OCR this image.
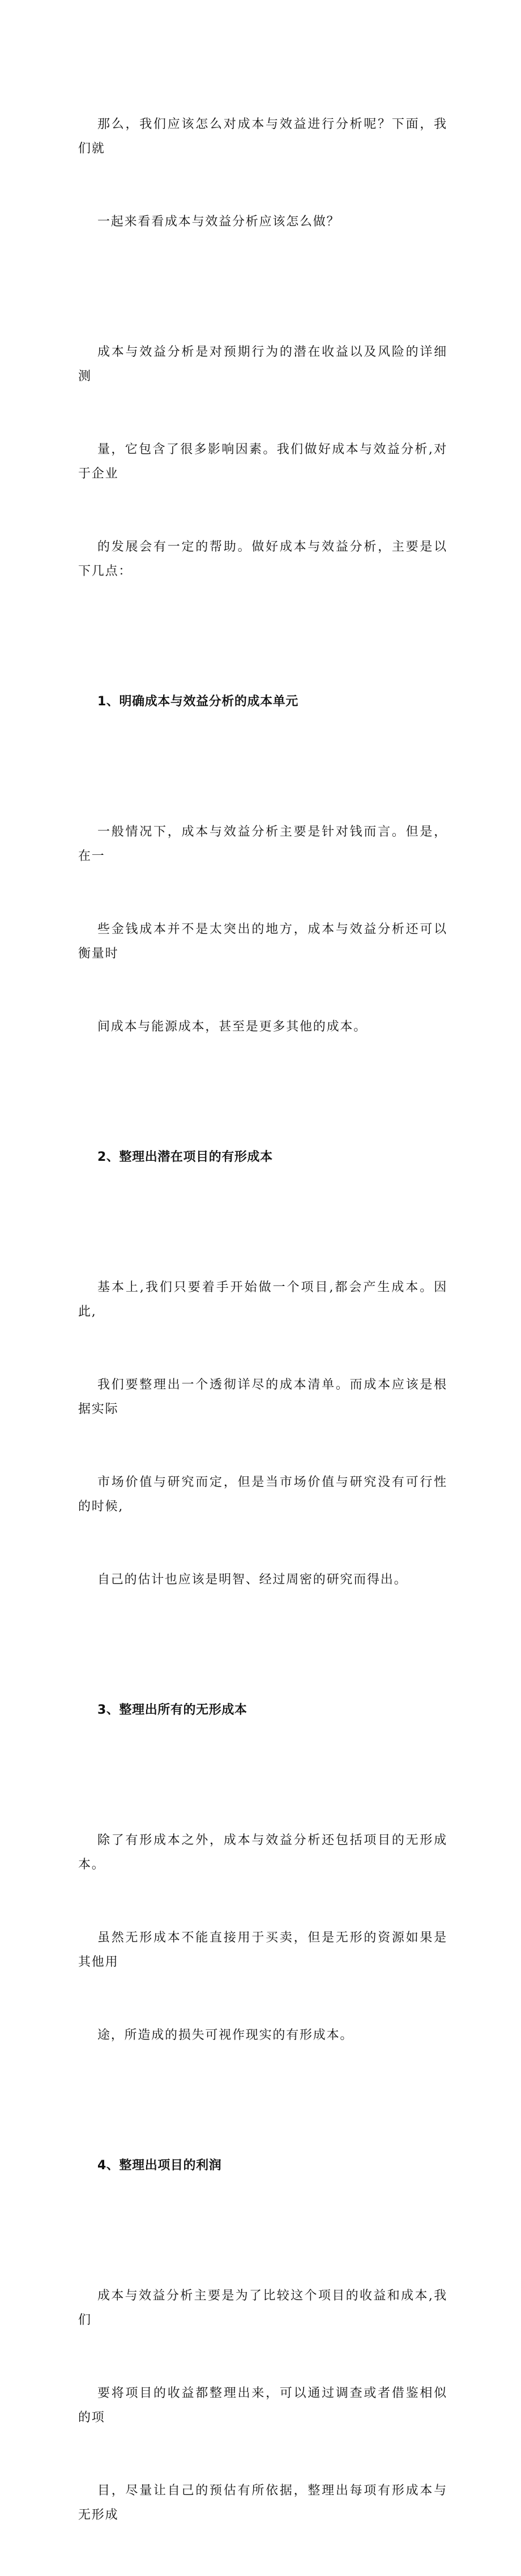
那么，我们应该怎么对成本与效益进行分析呢？下面，我们就

一起来看看成本与效益分析应该怎么做？

成本与效益分析是对预期行为的潜在收益以及风险的详细测

量，它包含了很多影响因素。我们做好成本与效益分析,对于企业

的发展会有一定的帮助。做好成本与效益分析，主要是以下几点：

1、明确成本与效益分析的成本单元

一般情况下，成本与效益分析主要是针对钱而言。但是，在一

些金钱成本并不是太突出的地方，成本与效益分析还可以衡量时

间成本与能源成本，甚至是更多其他的成本。

2、整理出潜在项目的有形成本

基本上,我们只要着手开始做一个项目,都会产生成本。因此,

我们要整理出一个透彻详尽的成本清单。而成本应该是根据实际

市场价值与研究而定，但是当市场价值与研究没有可行性的时候,

自己的估计也应该是明智、经过周密的研究而得出。

3、整理出所有的无形成本

除了有形成本之外，成本与效益分析还包括项目的无形成本。

虽然无形成本不能直接用于买卖，但是无形的资源如果是其他用

途，所造成的损失可视作现实的有形成本。

4、整理出项目的利润

成本与效益分析主要是为了比较这个项目的收益和成本,我们

要将项目的收益都整理出来，可以通过调查或者借鉴相似的项

目，尽量让自己的预估有所依据，整理出每项有形成本与无形成
